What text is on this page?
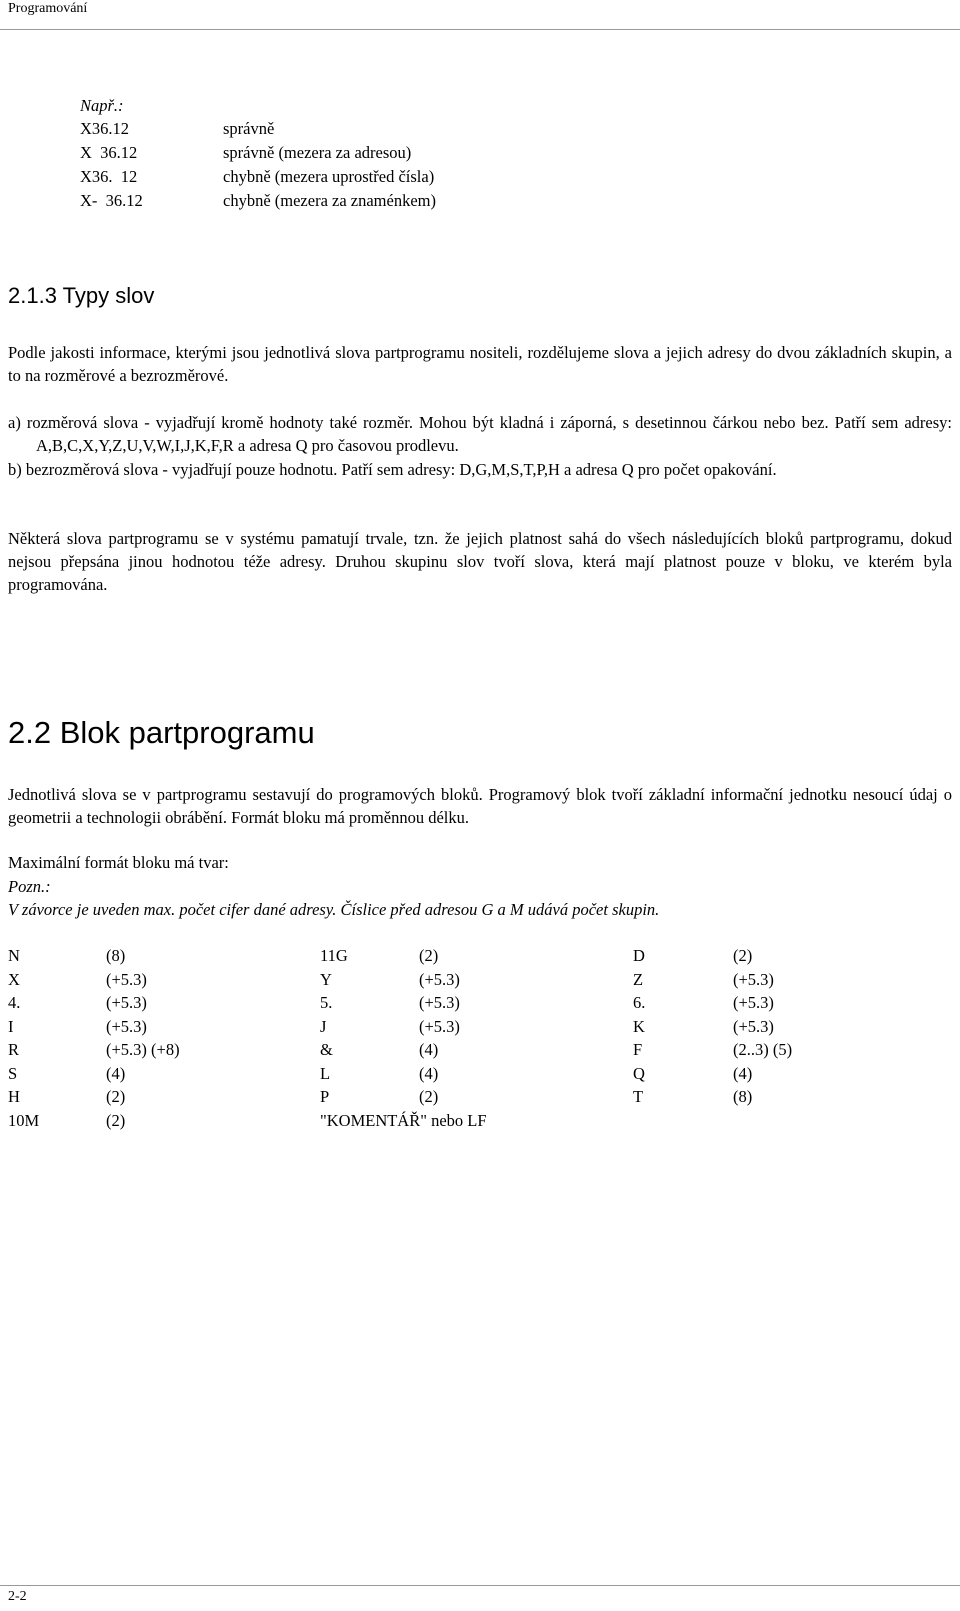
Programování
Např.:
X36.12	správně
X  36.12	správně (mezera za adresou)
X36.  12	chybně (mezera uprostřed čísla)
X-  36.12	chybně (mezera za znaménkem)
2.1.3 Typy slov
Podle jakosti informace, kterými jsou jednotlivá slova partprogramu nositeli, rozdělujeme slova a jejich adresy do dvou základních skupin, a to na rozměrové a bezrozměrové.
a) rozměrová slova - vyjadřují kromě hodnoty také rozměr. Mohou být kladná i záporná, s desetinnou čárkou nebo bez. Patří sem adresy: A,B,C,X,Y,Z,U,V,W,I,J,K,F,R a adresa Q pro časovou prodlevu.
b) bezrozměrová slova - vyjadřují pouze hodnotu. Patří sem adresy: D,G,M,S,T,P,H a adresa Q pro počet opakování.
Některá slova partprogramu se v systému pamatují trvale, tzn. že jejich platnost sahá do všech následujících bloků partprogramu, dokud nejsou přepsána jinou hodnotou téže adresy. Druhou skupinu slov tvoří slova, která mají platnost pouze v bloku, ve kterém byla programována.
2.2 Blok partprogramu
Jednotlivá slova se v partprogramu sestavují do programových bloků. Programový blok tvoří základní informační jednotku nesoucí údaj o geometrii a technologii obrábění. Formát bloku má proměnnou délku.
Maximální formát bloku má tvar:
Pozn.:
V závorce je uveden max. počet cifer dané adresy. Číslice před adresou G a M udává počet skupin.
N	(8)	11G	(2)	D	(2)
X	(+5.3)	Y	(+5.3)	Z	(+5.3)
4.	(+5.3)	5.	(+5.3)	6.	(+5.3)
I	(+5.3)	J	(+5.3)	K	(+5.3)
R	(+5.3) (+8)	&	(4)	F	(2..3) (5)
S	(4)	L	(4)	Q	(4)
H	(2)	P	(2)	T	(8)
10M	(2)	"KOMENTÁŘ" nebo LF
2-2
